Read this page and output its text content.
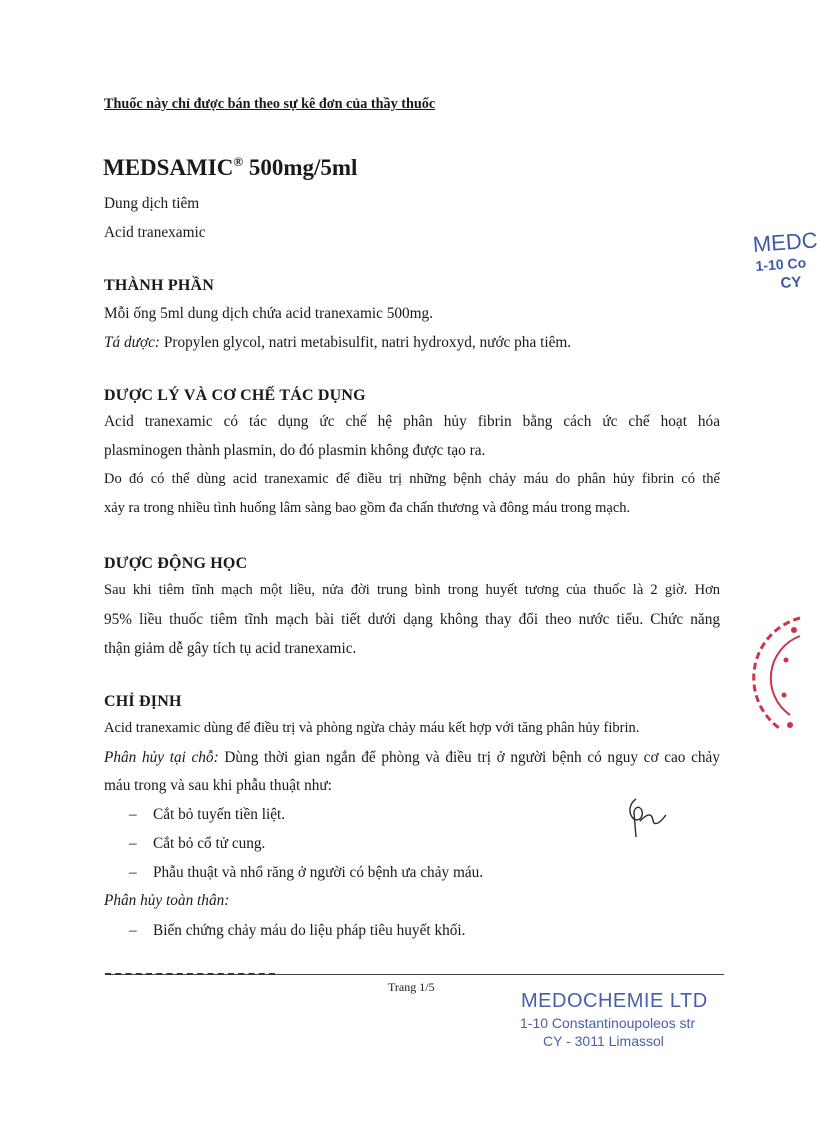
Thuốc này chỉ được bán theo sự kê đơn của thầy thuốc
MEDSAMIC® 500mg/5ml
Dung dịch tiêm
Acid tranexamic
THÀNH PHẦN
Mỗi ống 5ml dung dịch chứa acid tranexamic 500mg.
Tá dược: Propylen glycol, natri metabisulfit, natri hydroxyd, nước pha tiêm.
DƯỢC LÝ VÀ CƠ CHẾ TÁC DỤNG
Acid tranexamic có tác dụng ức chế hệ phân hủy fibrin bằng cách ức chế hoạt hóa
plasminogen thành plasmin, do đó plasmin không được tạo ra.
Do đó có thể dùng acid tranexamic để điều trị những bệnh chảy máu do phân hủy fibrin có thể
xảy ra trong nhiều tình huống lâm sàng bao gồm đa chấn thương và đông máu trong mạch.
DƯỢC ĐỘNG HỌC
Sau khi tiêm tĩnh mạch một liều, nửa đời trung bình trong huyết tương của thuốc là 2 giờ. Hơn
95% liều thuốc tiêm tĩnh mạch bài tiết dưới dạng không thay đổi theo nước tiểu. Chức năng
thận giảm dễ gây tích tụ acid tranexamic.
CHỈ ĐỊNH
Acid tranexamic dùng để điều trị và phòng ngừa chảy máu kết hợp với tăng phân hủy fibrin.
Phân hủy tại chỗ: Dùng thời gian ngắn để phòng và điều trị ở người bệnh có nguy cơ cao chảy
máu trong và sau khi phẫu thuật như:
– Cắt bỏ tuyến tiền liệt.
– Cắt bỏ cổ tử cung.
– Phẫu thuật và nhổ răng ở người có bệnh ưa chảy máu.
Phân hủy toàn thân:
– Biến chứng chảy máu do liệu pháp tiêu huyết khối.
Trang 1/5
MEDOCHEMIE LTD
1-10 Constantinoupoleos str
CY - 3011 Limassol
MEDC
1-10 Co
CY
